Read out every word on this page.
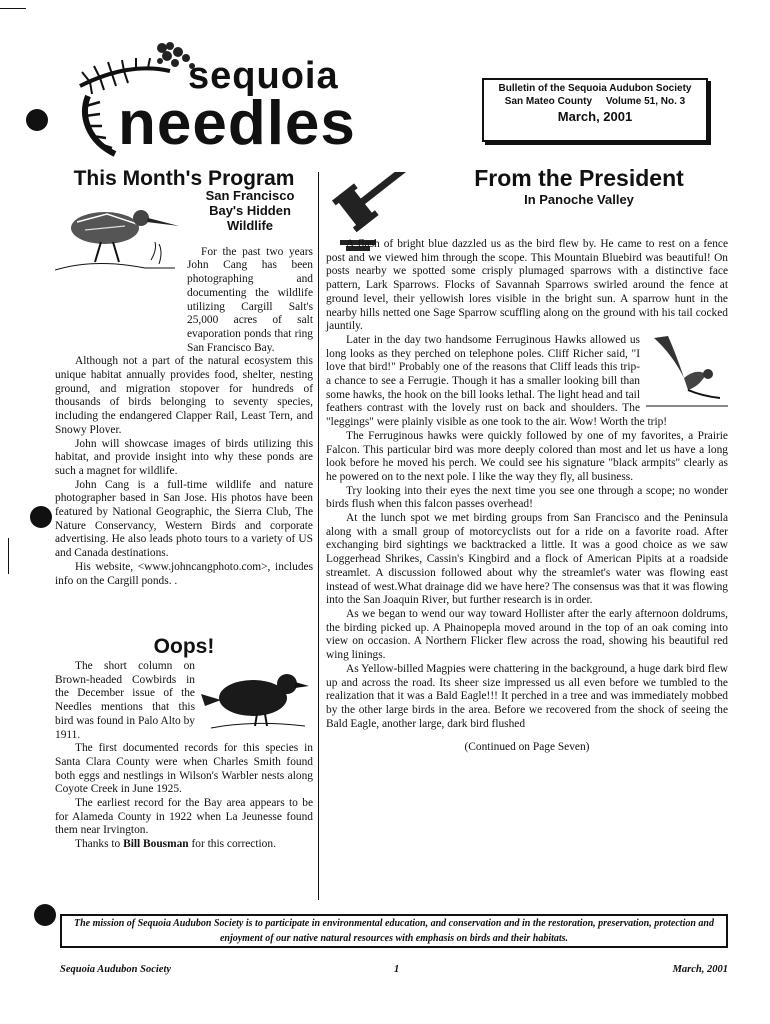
sequoia
needles
Bulletin of the Sequoia Audubon Society
San Mateo County Volume 51, No. 3
March, 2001
This Month's Program
San Francisco Bay's Hidden Wildlife

For the past two years John Cang has been photographing and documenting the wildlife utilizing Cargill Salt's 25,000 acres of salt evaporation ponds that ring San Francisco Bay.

Although not a part of the natural ecosystem this unique habitat annually provides food, shelter, nesting ground, and migration stopover for hundreds of thousands of birds belonging to seventy species, including the endangered Clapper Rail, Least Tern, and Snowy Plover.

John will showcase images of birds utilizing this habitat, and provide insight into why these ponds are such a magnet for wildlife.

John Cang is a full-time wildlife and nature photographer based in San Jose. His photos have been featured by National Geographic, the Sierra Club, The Nature Conservancy, Western Birds and corporate advertising. He also leads photo tours to a variety of US and Canada destinations.

His website, <www.johncangphoto.com>, includes info on the Cargill ponds. .

Oops!

The short column on Brown-headed Cowbirds in the December issue of the Needles mentions that this bird was found in Palo Alto by 1911.

The first documented records for this species in Santa Clara County were when Charles Smith found both eggs and nestlings in Wilson's Warbler nests along Coyote Creek in June 1925.

The earliest record for the Bay area appears to be for Alameda County in 1922 when La Jeunesse found them near Irvington.

Thanks to Bill Bousman for this correction.

From the President
In Panoche Valley

A flash of bright blue dazzled us as the bird flew by. He came to rest on a fence post and we viewed him through the scope. This Mountain Bluebird was beautiful! On posts nearby we spotted some crisply plumaged sparrows with a distinctive face pattern, Lark Sparrows. Flocks of Savannah Sparrows swirled around the fence at ground level, their yellowish lores visible in the bright sun. A sparrow hunt in the nearby hills netted one Sage Sparrow scuffling along on the ground with his tail cocked jauntily.

Later in the day two handsome Ferruginous Hawks allowed us long looks as they perched on telephone poles. Cliff Richer said, "I love that bird!" Probably one of the reasons that Cliff leads this trip- a chance to see a Ferrugie. Though it has a smaller looking bill than some hawks, the hook on the bill looks lethal. The light head and tail feathers contrast with the lovely rust on back and shoulders. The "leggings" were plainly visible as one took to the air. Wow! Worth the trip!

The Ferruginous hawks were quickly followed by one of my favorites, a Prairie Falcon. This particular bird was more deeply colored than most and let us have a long look before he moved his perch. We could see his signature "black armpits" clearly as he powered on to the next pole. I like the way they fly, all business.

Try looking into their eyes the next time you see one through a scope; no wonder birds flush when this falcon passes overhead!

At the lunch spot we met birding groups from San Francisco and the Peninsula along with a small group of motorcyclists out for a ride on a favorite road. After exchanging bird sightings we backtracked a little. It was a good choice as we saw Loggerhead Shrikes, Cassin's Kingbird and a flock of American Pipits at a roadside streamlet. A discussion followed about why the streamlet's water was flowing east instead of west.What drainage did we have here? The consensus was that it was flowing into the San Joaquin River, but further research is in order.

As we began to wend our way toward Hollister after the early afternoon doldrums, the birding picked up. A Phainopepla moved around in the top of an oak coming into view on occasion. A Northern Flicker flew across the road, showing his beautiful red wing linings.

As Yellow-billed Magpies were chattering in the background, a huge dark bird flew up and across the road. Its sheer size impressed us all even before we tumbled to the realization that it was a Bald Eagle!!! It perched in a tree and was immediately mobbed by the other large birds in the area. Before we recovered from the shock of seeing the Bald Eagle, another large, dark bird flushed

(Continued on Page Seven)
The mission of Sequoia Audubon Society is to participate in environmental education, and conservation and in the restoration, preservation, protection and enjoyment of our native natural resources with emphasis on birds and their habitats.
Sequoia Audubon Society	1	March, 2001
